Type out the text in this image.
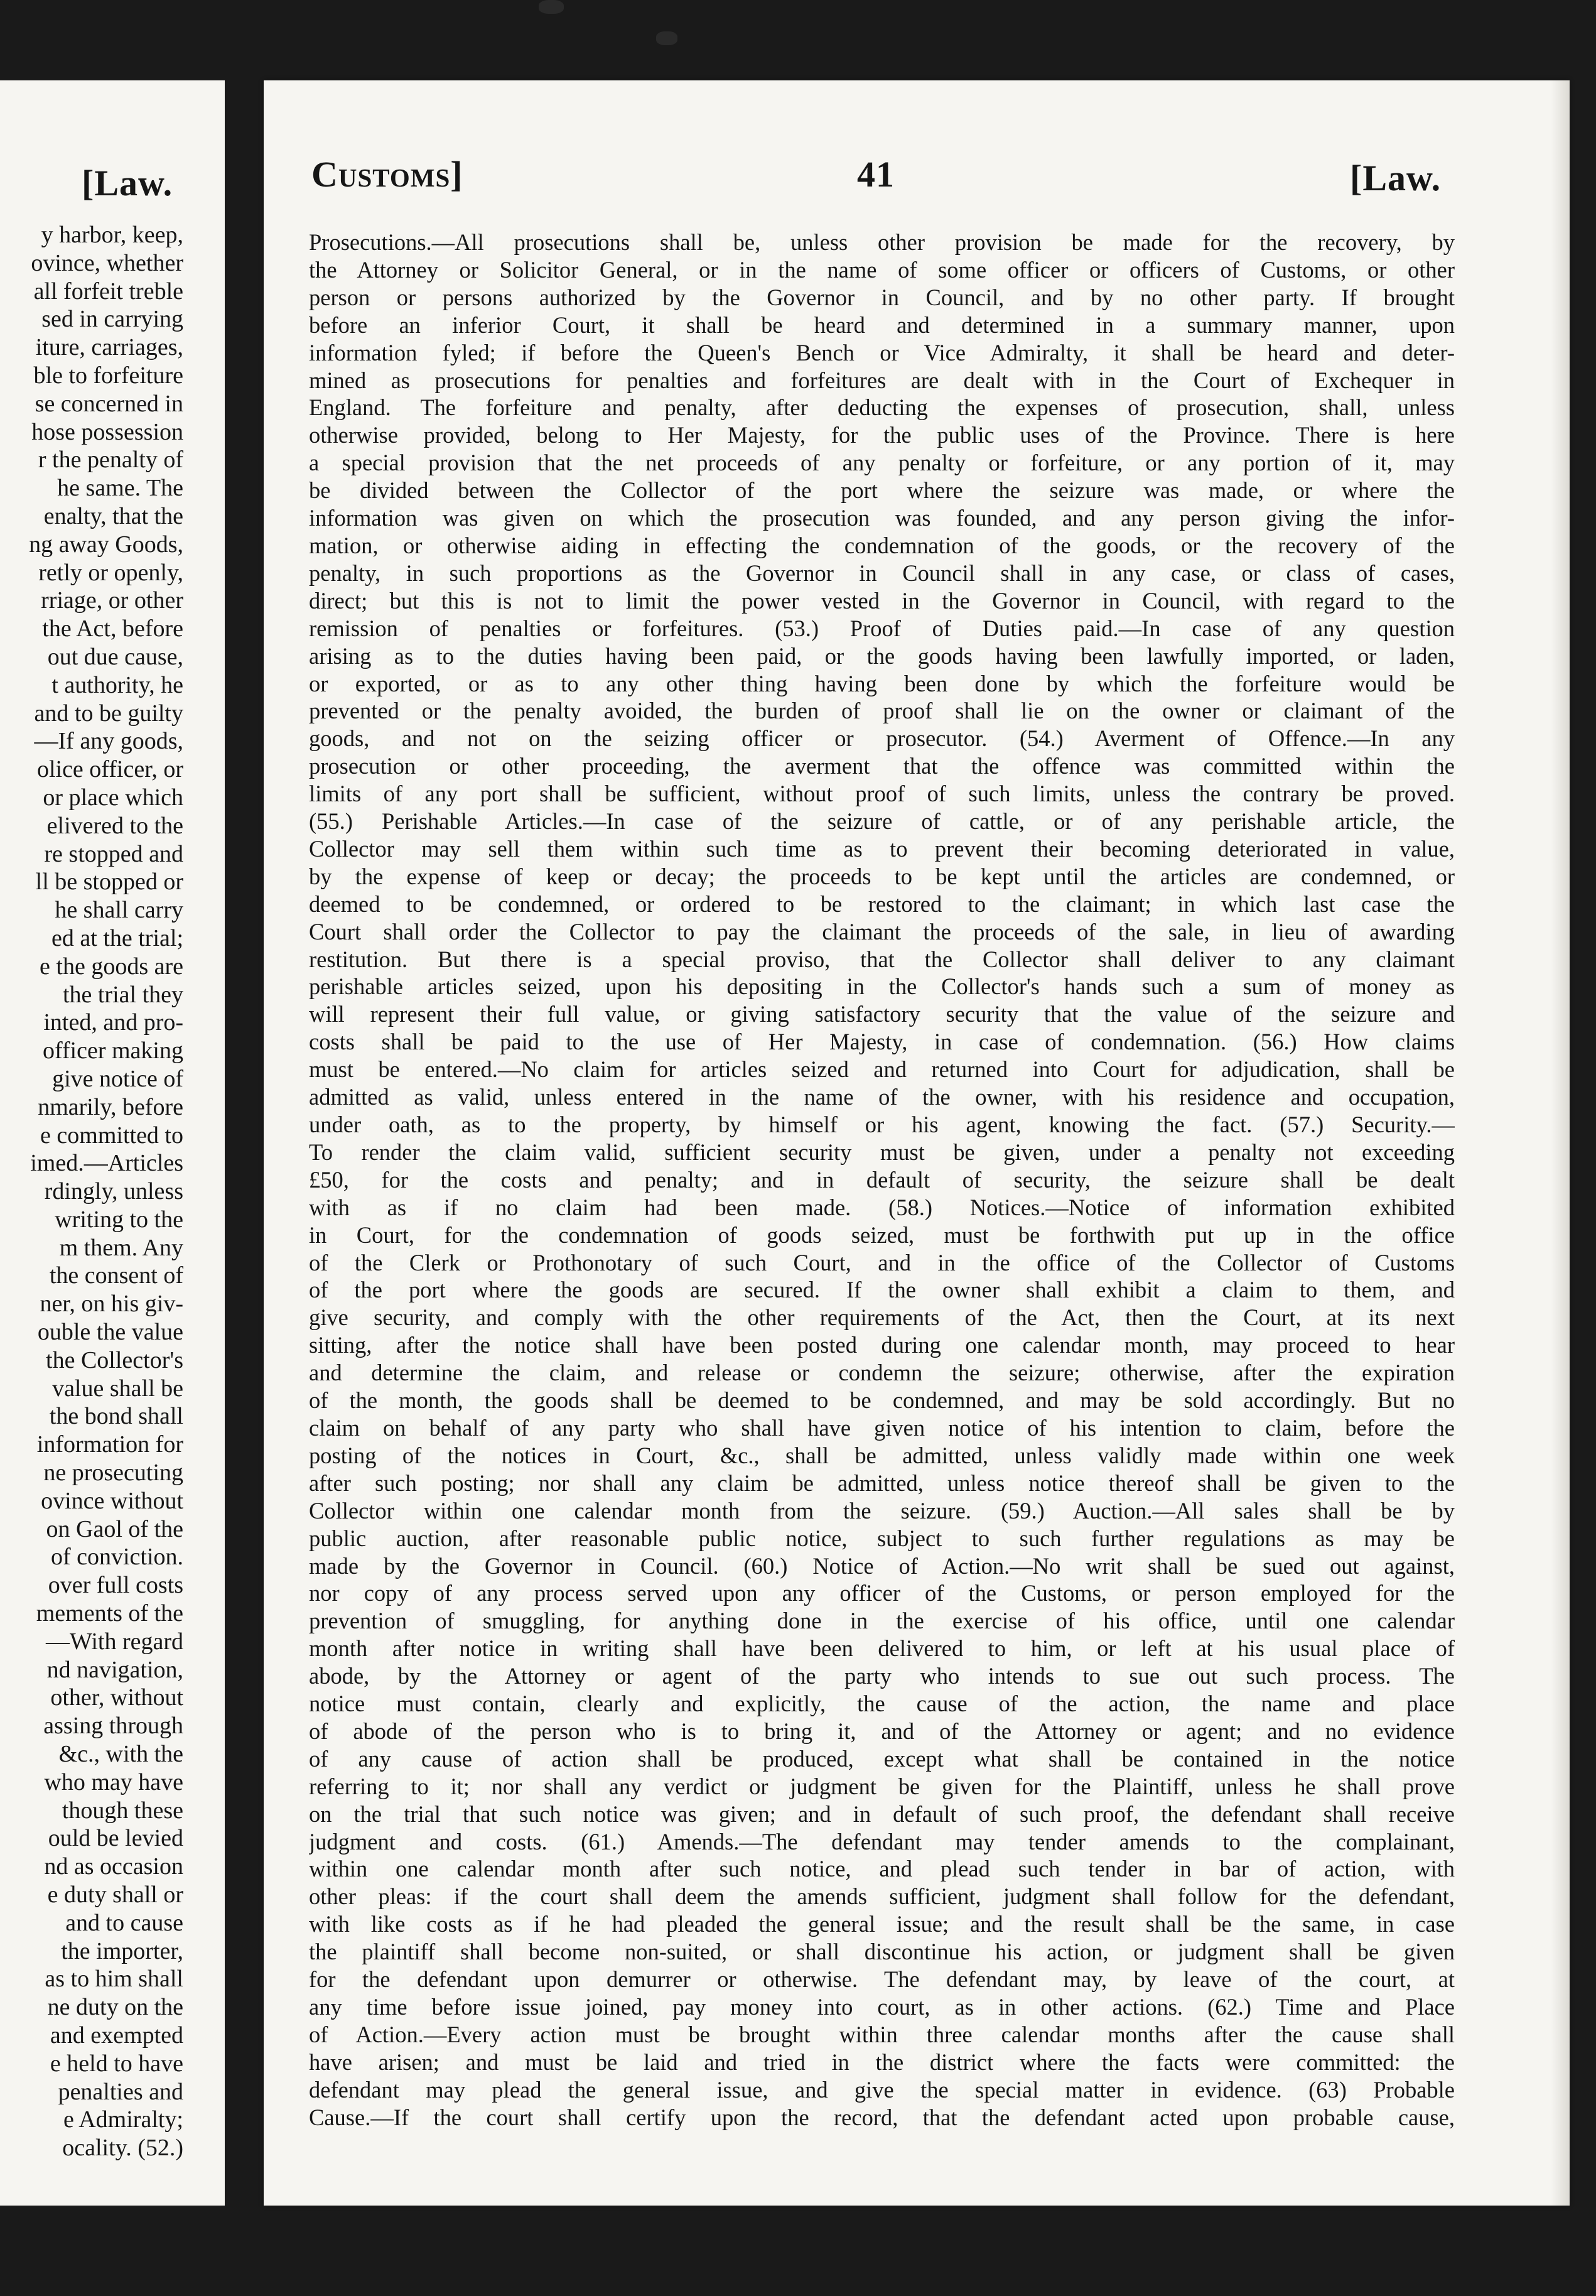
[Law.
y harbor, keep,
ovince, whether
all forfeit treble
sed in carrying
iture, carriages,
ble to forfeiture
se concerned in
hose possession
r the penalty of
he same. The
enalty, that the
ng away Goods,
retly or openly,
rriage, or other
the Act, before
out due cause,
t authority, he
and to be guilty
—If any goods,
olice officer, or
or place which
elivered to the
re stopped and
ll be stopped or
he shall carry
ed at the trial;
e the goods are
the trial they
inted, and pro-
officer making
give notice of
nmarily, before
e committed to
imed.—Articles
rdingly, unless
writing to the
m them. Any
the consent of
ner, on his giv-
ouble the value
the Collector's
value shall be
the bond shall
information for
ne prosecuting
ovince without
on Gaol of the
of conviction.
over full costs
mements of the
—With regard
nd navigation,
other, without
assing through
&c., with the
who may have
though these
ould be levied
nd as occasion
e duty shall or
and to cause
the importer,
as to him shall
ne duty on the
and exempted
e held to have
penalties and
e Admiralty;
ocality. (52.)
Customs]	41	[Law.
Prosecutions.—All prosecutions shall be, unless other provision be made for the recovery, by
the Attorney or Solicitor General, or in the name of some officer or officers of Customs, or other
person or persons authorized by the Governor in Council, and by no other party. If brought
before an inferior Court, it shall be heard and determined in a summary manner, upon
information fyled; if before the Queen's Bench or Vice Admiralty, it shall be heard and deter-
mined as prosecutions for penalties and forfeitures are dealt with in the Court of Exchequer in
England. The forfeiture and penalty, after deducting the expenses of prosecution, shall, unless
otherwise provided, belong to Her Majesty, for the public uses of the Province. There is here
a special provision that the net proceeds of any penalty or forfeiture, or any portion of it, may
be divided between the Collector of the port where the seizure was made, or where the
information was given on which the prosecution was founded, and any person giving the infor-
mation, or otherwise aiding in effecting the condemnation of the goods, or the recovery of the
penalty, in such proportions as the Governor in Council shall in any case, or class of cases,
direct; but this is not to limit the power vested in the Governor in Council, with regard to the
remission of penalties or forfeitures. (53.) Proof of Duties paid.—In case of any question
arising as to the duties having been paid, or the goods having been lawfully imported, or laden,
or exported, or as to any other thing having been done by which the forfeiture would be
prevented or the penalty avoided, the burden of proof shall lie on the owner or claimant of the
goods, and not on the seizing officer or prosecutor. (54.) Averment of Offence.—In any
prosecution or other proceeding, the averment that the offence was committed within the
limits of any port shall be sufficient, without proof of such limits, unless the contrary be proved.
(55.) Perishable Articles.—In case of the seizure of cattle, or of any perishable article, the
Collector may sell them within such time as to prevent their becoming deteriorated in value,
by the expense of keep or decay; the proceeds to be kept until the articles are condemned, or
deemed to be condemned, or ordered to be restored to the claimant; in which last case the
Court shall order the Collector to pay the claimant the proceeds of the sale, in lieu of awarding
restitution. But there is a special proviso, that the Collector shall deliver to any claimant
perishable articles seized, upon his depositing in the Collector's hands such a sum of money as
will represent their full value, or giving satisfactory security that the value of the seizure and
costs shall be paid to the use of Her Majesty, in case of condemnation. (56.) How claims
must be entered.—No claim for articles seized and returned into Court for adjudication, shall be
admitted as valid, unless entered in the name of the owner, with his residence and occupation,
under oath, as to the property, by himself or his agent, knowing the fact. (57.) Security.—
To render the claim valid, sufficient security must be given, under a penalty not exceeding
£50, for the costs and penalty; and in default of security, the seizure shall be dealt
with as if no claim had been made. (58.) Notices.—Notice of information exhibited
in Court, for the condemnation of goods seized, must be forthwith put up in the office
of the Clerk or Prothonotary of such Court, and in the office of the Collector of Customs
of the port where the goods are secured. If the owner shall exhibit a claim to them, and
give security, and comply with the other requirements of the Act, then the Court, at its next
sitting, after the notice shall have been posted during one calendar month, may proceed to hear
and determine the claim, and release or condemn the seizure; otherwise, after the expiration
of the month, the goods shall be deemed to be condemned, and may be sold accordingly. But no
claim on behalf of any party who shall have given notice of his intention to claim, before the
posting of the notices in Court, &c., shall be admitted, unless validly made within one week
after such posting; nor shall any claim be admitted, unless notice thereof shall be given to the
Collector within one calendar month from the seizure. (59.) Auction.—All sales shall be by
public auction, after reasonable public notice, subject to such further regulations as may be
made by the Governor in Council. (60.) Notice of Action.—No writ shall be sued out against,
nor copy of any process served upon any officer of the Customs, or person employed for the
prevention of smuggling, for anything done in the exercise of his office, until one calendar
month after notice in writing shall have been delivered to him, or left at his usual place of
abode, by the Attorney or agent of the party who intends to sue out such process. The
notice must contain, clearly and explicitly, the cause of the action, the name and place
of abode of the person who is to bring it, and of the Attorney or agent; and no evidence
of any cause of action shall be produced, except what shall be contained in the notice
referring to it; nor shall any verdict or judgment be given for the Plaintiff, unless he shall prove
on the trial that such notice was given; and in default of such proof, the defendant shall receive
judgment and costs. (61.) Amends.—The defendant may tender amends to the complainant,
within one calendar month after such notice, and plead such tender in bar of action, with
other pleas: if the court shall deem the amends sufficient, judgment shall follow for the defendant,
with like costs as if he had pleaded the general issue; and the result shall be the same, in case
the plaintiff shall become non-suited, or shall discontinue his action, or judgment shall be given
for the defendant upon demurrer or otherwise. The defendant may, by leave of the court, at
any time before issue joined, pay money into court, as in other actions. (62.) Time and Place
of Action.—Every action must be brought within three calendar months after the cause shall
have arisen; and must be laid and tried in the district where the facts were committed: the
defendant may plead the general issue, and give the special matter in evidence. (63) Probable
Cause.—If the court shall certify upon the record, that the defendant acted upon probable cause,
